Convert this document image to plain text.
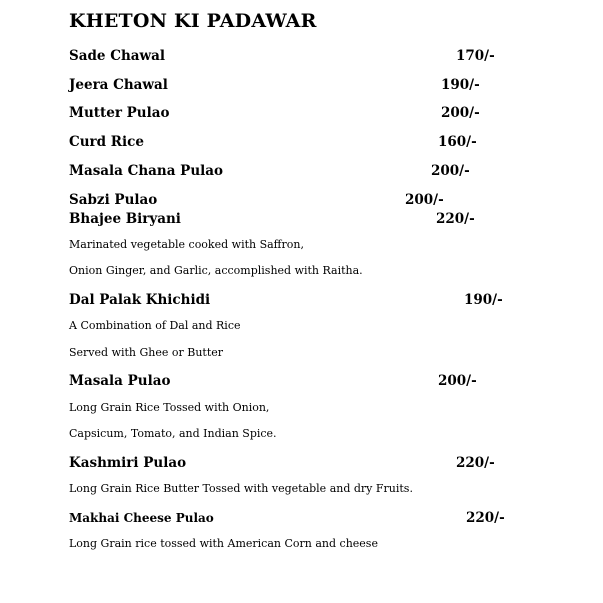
KHETON KI PADAWAR
Sade Chawal	170/-
Jeera Chawal	190/-
Mutter Pulao	200/-
Curd Rice	160/-
Masala Chana Pulao	200/-
Sabzi Pulao	200/-
Bhajee Biryani	220/-
Marinated vegetable cooked with Saffron,
Onion Ginger, and Garlic, accomplished with Raitha.
Dal Palak Khichidi	190/-
A Combination of Dal and Rice
Served with Ghee or Butter
Masala Pulao	200/-
Long Grain Rice Tossed with Onion,
Capsicum, Tomato, and Indian Spice.
Kashmiri Pulao	220/-
Long Grain Rice Butter Tossed with vegetable and dry Fruits.
Makhai Cheese Pulao	220/-
Long Grain rice tossed with American Corn and cheese
